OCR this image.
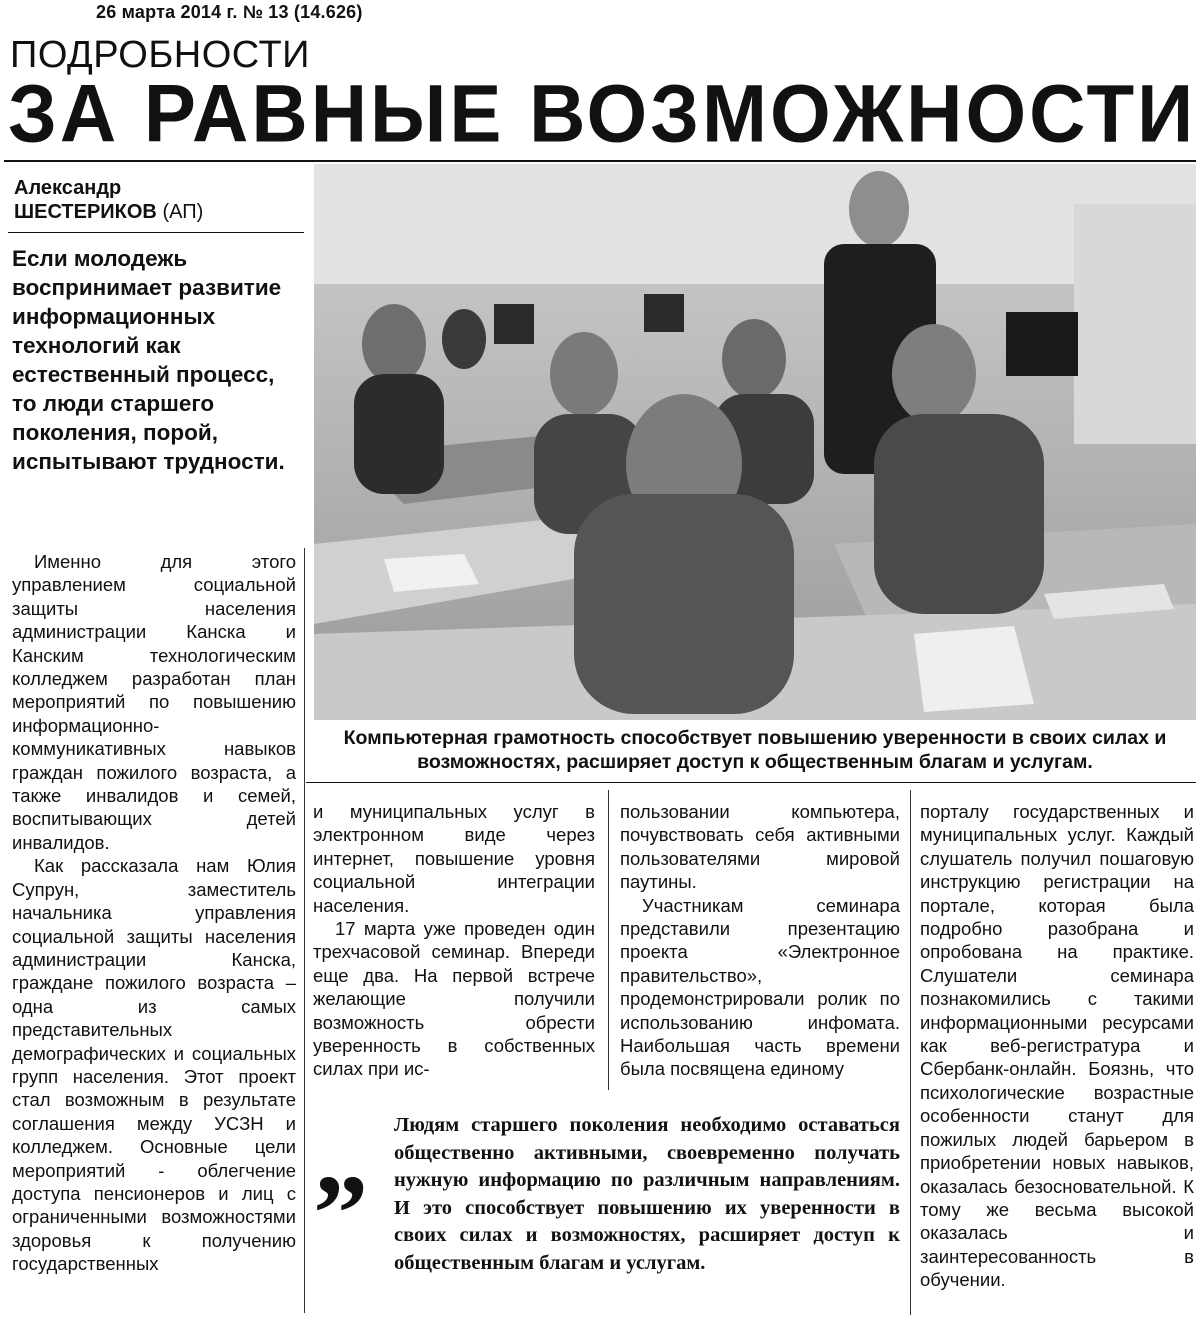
26 марта 2014 г. № 13 (14.626)
ПОДРОБНОСТИ
ЗА РАВНЫЕ ВОЗМОЖНОСТИ
Александр
ШЕСТЕРИКОВ (АП)
Если молодежь воспринимает развитие информационных технологий как естественный процесс, то люди старшего поколения, порой, испытывают трудности.
Компьютерная грамотность способствует повышению уверенности в своих силах и возможностях, расширяет доступ к общественным благам и услугам.

Именно для этого управлением социальной защиты населения администрации Канска и Канским технологическим колледжем разработан план мероприятий по повышению информационно-коммуникативных навыков граждан пожилого возраста, а также инвалидов и семей, воспитывающих детей инвалидов.

Как рассказала нам Юлия Супрун, заместитель начальника управления социальной защиты населения администрации Канска, граждане пожилого возраста – одна из самых представительных демографических и социальных групп населения. Этот проект стал возможным в результате соглашения между УСЗН и колледжем. Основные цели мероприятий - облегчение доступа пенсионеров и лиц с ограниченными возможностями здоровья к получению государственных

и муниципальных услуг в электронном виде через интернет, повышение уровня социальной интеграции населения.

17 марта уже проведен один трехчасовой семинар. Впереди еще два. На первой встрече желающие получили возможность обрести уверенность в собственных силах при ис-

пользовании компьютера, почувствовать себя активными пользователями мировой паутины.

Участникам семинара представили презентацию проекта «Электронное правительство», продемонстрировали ролик по использованию инфомата. Наибольшая часть времени была посвящена единому

порталу государственных и муниципальных услуг. Каждый слушатель получил пошаговую инструкцию регистрации на портале, которая была подробно разобрана и опробована на практике. Слушатели семинара познакомились с такими информационными ресурсами как веб-регистратура и Сбербанк-онлайн. Боязнь, что психологические возрастные особенности станут для пожилых людей барьером в приобретении новых навыков, оказалась безосновательной. К тому же весьма высокой оказалась и заинтересованность в обучении.

„ Людям старшего поколения необходимо оставаться общественно активными, своевременно получать нужную информацию по различным направлениям. И это способствует повышению их уверенности в своих силах и возможностях, расширяет доступ к общественным благам и услугам.
